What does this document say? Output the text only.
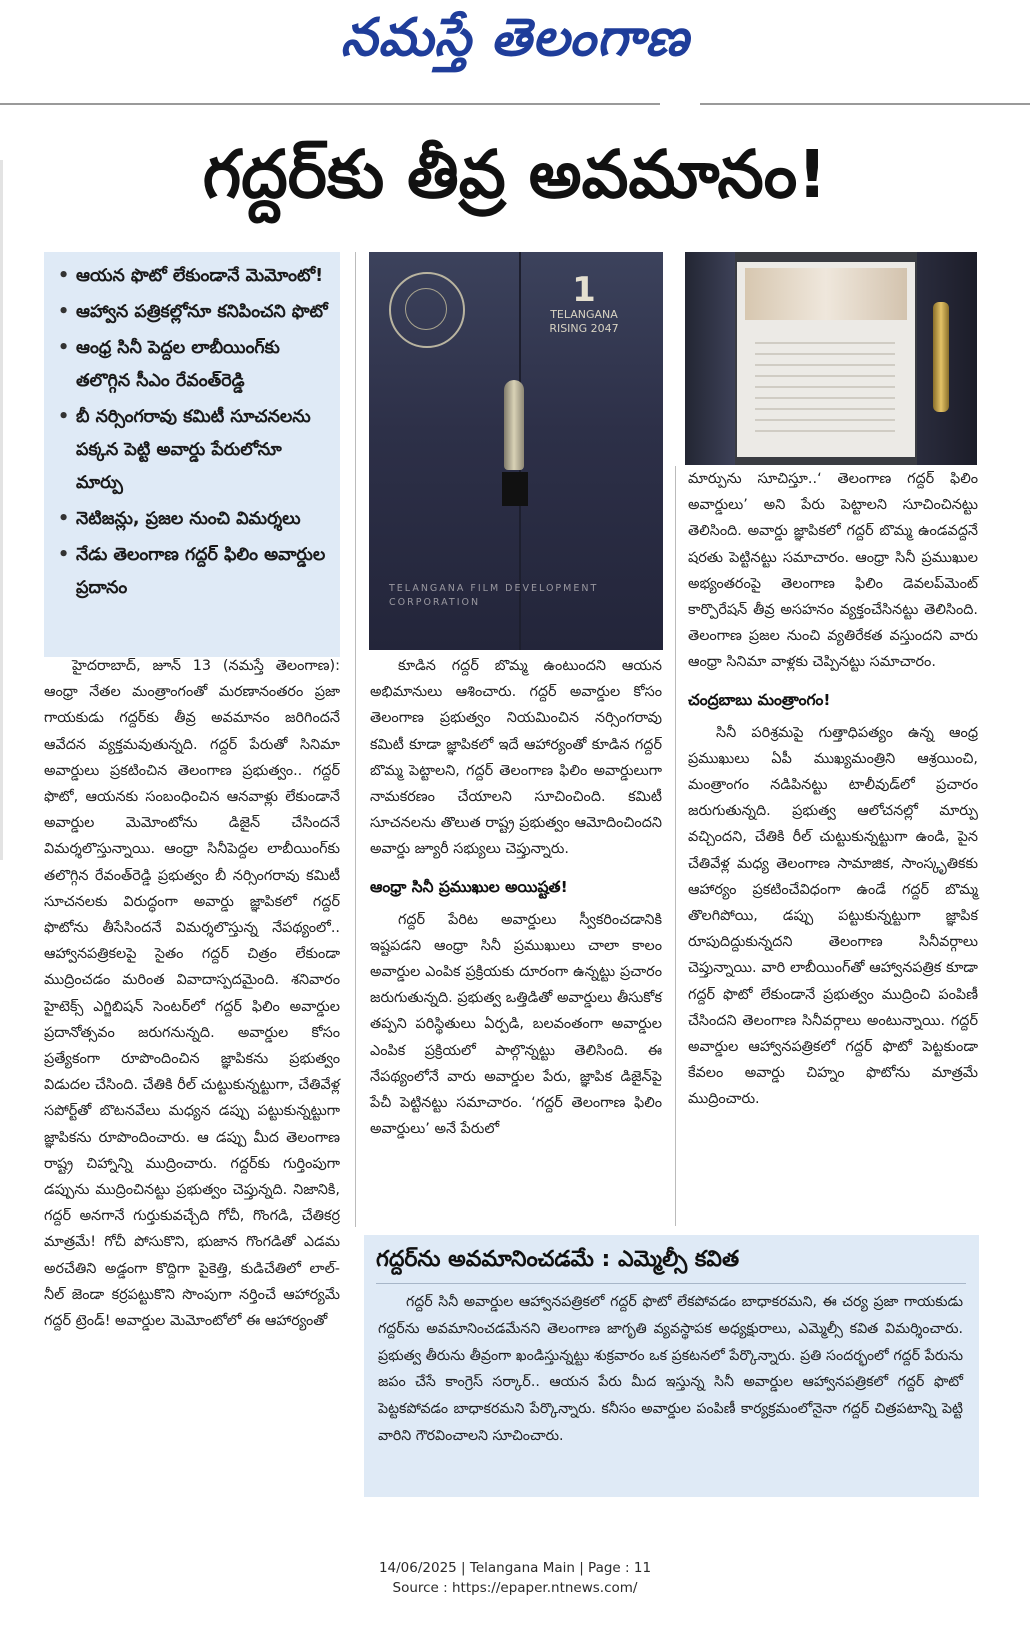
నమస్తే తెలంగాణ
గద్దర్‌కు తీవ్ర అవమానం!
• ఆయన ఫొటో లేకుండానే మెమోంటో!
• ఆహ్వాన పత్రికల్లోనూ కనిపించని ఫొటో
• ఆంధ్ర సినీ పెద్దల లాబీయింగ్‌కు తలొగ్గిన సీఎం రేవంత్‌రెడ్డి
• బీ నర్సింగరావు కమిటీ సూచనలను పక్కన పెట్టి అవార్డు పేరులోనూ మార్పు
• నెటిజన్లు, ప్రజల నుంచి విమర్శలు
• నేడు తెలంగాణ గద్దర్ ఫిలిం అవార్డుల ప్రదానం
1
TELANGANA RISING 2047
TELANGANA FILM DEVELOPMENT CORPORATION

హైదరాబాద్, జూన్ 13 (నమస్తే తెలంగాణ): ఆంధ్రా నేతల మంత్రాంగంతో మరణానంతరం ప్రజా గాయకుడు గద్దర్‌కు తీవ్ర అవమానం జరిగిందనే ఆవేదన వ్యక్తమవుతున్నది. గద్దర్ పేరుతో సినిమా అవార్డులు ప్రకటించిన తెలంగాణ ప్రభుత్వం.. గద్దర్ ఫొటో, ఆయనకు సంబంధించిన ఆనవాళ్లు లేకుండానే అవార్డుల మెమోంటోను డిజైన్ చేసిందనే విమర్శలొస్తున్నాయి. ఆంధ్రా సినీపెద్దల లాబీయింగ్‌కు తలొగ్గిన రేవంత్‌రెడ్డి ప్రభుత్వం బీ నర్సింగరావు కమిటీ సూచనలకు విరుద్ధంగా అవార్డు జ్ఞాపికలో గద్దర్ ఫొటోను తీసేసిందనే విమర్శలొస్తున్న నేపథ్యంలో.. ఆహ్వానపత్రికలపై సైతం గద్దర్ చిత్రం లేకుండా ముద్రించడం మరింత వివాదాస్పదమైంది. శనివారం హైటెక్స్ ఎగ్జిబిషన్ సెంటర్‌లో గద్దర్ ఫిలిం అవార్డుల ప్రదానోత్సవం జరుగనున్నది. అవార్డుల కోసం ప్రత్యేకంగా రూపొందించిన జ్ఞాపికను ప్రభుత్వం విడుదల చేసింది. చేతికి రీల్ చుట్టుకున్నట్టుగా, చేతివేళ్ల సపోర్ట్‌తో బొటనవేలు మధ్యన డప్పు పట్టుకున్నట్టుగా జ్ఞాపికను రూపొందించారు. ఆ డప్పు మీద తెలంగాణ రాష్ట్ర చిహ్నాన్ని ముద్రించారు. గద్దర్‌కు గుర్తింపుగా డప్పును ముద్రించినట్టు ప్రభుత్వం చెప్తున్నది. నిజానికి, గద్దర్ అనగానే గుర్తుకువచ్చేది గోచీ, గొంగడి, చేతికర్ర మాత్రమే! గోచీ పోసుకొని, భుజాన గొంగడితో ఎడమ అరచేతిని అడ్డంగా కొద్దిగా పైకెత్తి, కుడిచేతిలో లాల్-నీల్ జెండా కర్రపట్టుకొని సొంపుగా నర్తించే ఆహార్యమే గద్దర్ ట్రెండ్! అవార్డుల మెమోంటోలో ఈ ఆహార్యంతో

కూడిన గద్దర్ బొమ్మ ఉంటుందని ఆయన అభిమానులు ఆశించారు. గద్దర్ అవార్డుల కోసం తెలంగాణ ప్రభుత్వం నియమించిన నర్సింగరావు కమిటీ కూడా జ్ఞాపికలో ఇదే ఆహార్యంతో కూడిన గద్దర్ బొమ్మ పెట్టాలని, గద్దర్ తెలంగాణ ఫిలిం అవార్డులుగా నామకరణం చేయాలని సూచించింది. కమిటీ సూచనలను తొలుత రాష్ట్ర ప్రభుత్వం ఆమోదించిందని అవార్డు జ్యూరీ సభ్యులు చెప్తున్నారు.

ఆంధ్రా సినీ ప్రముఖుల అయిష్టత!

గద్దర్ పేరిట అవార్డులు స్వీకరించడానికి ఇష్టపడని ఆంధ్రా సినీ ప్రముఖులు చాలా కాలం అవార్డుల ఎంపిక ప్రక్రియకు దూరంగా ఉన్నట్టు ప్రచారం జరుగుతున్నది. ప్రభుత్వ ఒత్తిడితో అవార్డులు తీసుకోక తప్పని పరిస్థితులు ఏర్పడి, బలవంతంగా అవార్డుల ఎంపిక ప్రక్రియలో పాల్గొన్నట్టు తెలిసింది. ఈ నేపథ్యంలోనే వారు అవార్డుల పేరు, జ్ఞాపిక డిజైన్‌పై పేచీ పెట్టినట్టు సమాచారం. ‘గద్దర్ తెలంగాణ ఫిలిం అవార్డులు’ అనే పేరులో

మార్పును సూచిస్తూ..‘ తెలంగాణ గద్దర్ ఫిలిం అవార్డులు’ అని పేరు పెట్టాలని సూచించినట్టు తెలిసింది. అవార్డు జ్ఞాపికలో గద్దర్ బొమ్మ ఉండవద్దనే షరతు పెట్టినట్టు సమాచారం. ఆంధ్రా సినీ ప్రముఖుల అభ్యంతరంపై తెలంగాణ ఫిలిం డెవలప్‌మెంట్ కార్పొరేషన్ తీవ్ర అసహనం వ్యక్తంచేసినట్టు తెలిసింది. తెలంగాణ ప్రజల నుంచి వ్యతిరేకత వస్తుందని వారు ఆంధ్రా సినిమా వాళ్లకు చెప్పినట్టు సమాచారం.

చంద్రబాబు మంత్రాంగం!

సినీ పరిశ్రమపై గుత్తాధిపత్యం ఉన్న ఆంధ్ర ప్రముఖులు ఏపీ ముఖ్యమంత్రిని ఆశ్రయించి, మంత్రాంగం నడిపినట్టు టాలీవుడ్‌లో ప్రచారం జరుగుతున్నది. ప్రభుత్వ ఆలోచనల్లో మార్పు వచ్చిందని, చేతికి రీల్ చుట్టుకున్నట్టుగా ఉండి, పైన చేతివేళ్ల మధ్య తెలంగాణ సామాజిక, సాంస్కృతికకు ఆహార్యం ప్రకటించేవిధంగా ఉండే గద్దర్ బొమ్మ తొలగిపోయి, డప్పు పట్టుకున్నట్టుగా జ్ఞాపిక రూపుదిద్దుకున్నదని తెలంగాణ సినీవర్గాలు చెప్తున్నాయి. వారి లాబీయింగ్‌తో ఆహ్వానపత్రిక కూడా గద్దర్ ఫొటో లేకుండానే ప్రభుత్వం ముద్రించి పంపిణీ చేసిందని తెలంగాణ సినీవర్గాలు అంటున్నాయి. గద్దర్ అవార్డుల ఆహ్వానపత్రికలో గద్దర్ ఫొటో పెట్టకుండా కేవలం అవార్డు చిహ్నం ఫొటోను మాత్రమే ముద్రించారు.

గద్దర్‌ను అవమానించడమే : ఎమ్మెల్సీ కవిత
గద్దర్ సినీ అవార్డుల ఆహ్వానపత్రికలో గద్దర్ ఫొటో లేకపోవడం బాధాకరమని, ఈ చర్య ప్రజా గాయకుడు గద్దర్‌ను అవమానించడమేనని తెలంగాణ జాగృతి వ్యవస్థాపక అధ్యక్షురాలు, ఎమ్మెల్సీ కవిత విమర్శించారు. ప్రభుత్వ తీరును తీవ్రంగా ఖండిస్తున్నట్టు శుక్రవారం ఒక ప్రకటనలో పేర్కొన్నారు. ప్రతి సందర్భంలో గద్దర్ పేరును జపం చేసే కాంగ్రెస్ సర్కార్.. ఆయన పేరు మీద ఇస్తున్న సినీ అవార్డుల ఆహ్వానపత్రికలో గద్దర్ ఫొటో పెట్టకపోవడం బాధాకరమని పేర్కొన్నారు. కనీసం అవార్డుల పంపిణీ కార్యక్రమంలోనైనా గద్దర్ చిత్రపటాన్ని పెట్టి వారిని గౌరవించాలని సూచించారు.
14/06/2025 | Telangana Main | Page : 11
Source : https://epaper.ntnews.com/
